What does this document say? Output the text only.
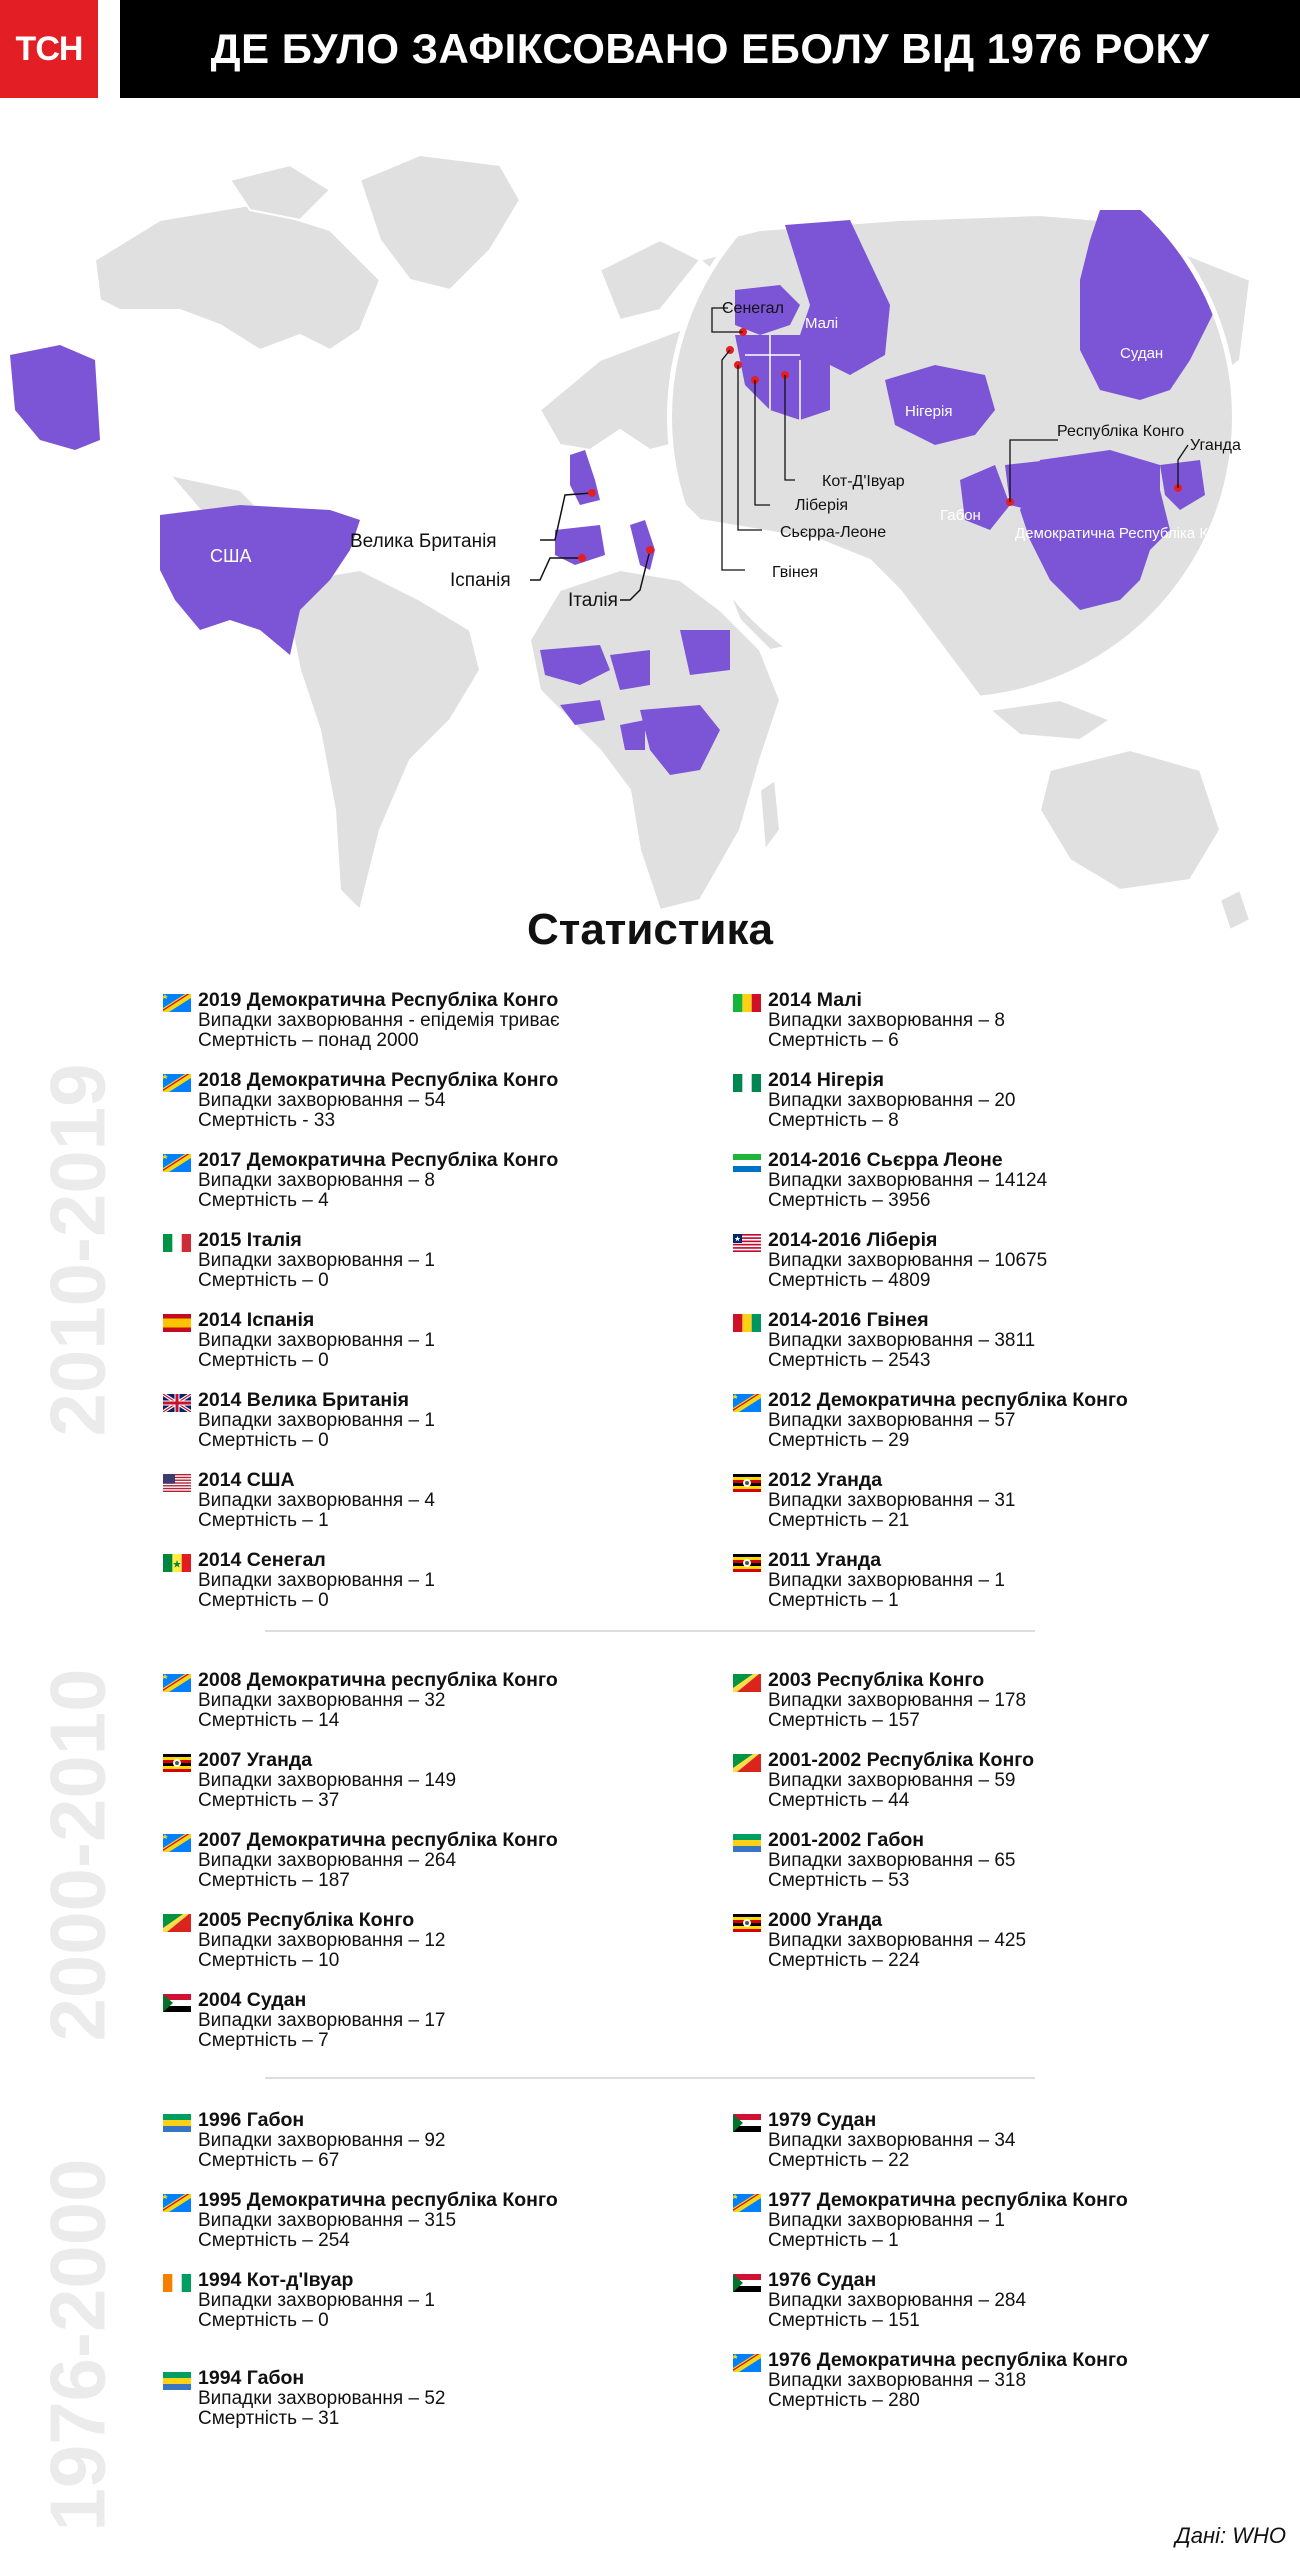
ТСН	ДЕ БУЛО ЗАФІКСОВАНО ЕБОЛУ ВІД 1976 РОКУ
США
Велика Британія
Іспанія
Італія
Сенегал
Малі
Судан
Нігерія
Республіка Конго
Уганда
Кот-Д'Івуар
Ліберія
Сьєрра-Леоне
Гвінея
Габон
Демократична Республіка Конго
Статистика
2010-2019
2019 Демократична Республіка Конго
Випадки захворювання - епідемія триває
Смертність – понад 2000
2018 Демократична Республіка Конго
Випадки захворювання – 54
Смертність - 33
2017 Демократична Республіка Конго
Випадки захворювання – 8
Смертність – 4
2015 Італія
Випадки захворювання – 1
Смертність – 0
2014 Іспанія
Випадки захворювання – 1
Смертність – 0
2014 Велика Британія
Випадки захворювання – 1
Смертність – 0
2014 США
Випадки захворювання – 4
Смертність – 1
2014 Сенегал
Випадки захворювання – 1
Смертність – 0
2014 Малі
Випадки захворювання – 8
Смертність – 6
2014 Нігерія
Випадки захворювання – 20
Смертність – 8
2014-2016 Сьєрра Леоне
Випадки захворювання – 14124
Смертність – 3956
2014-2016 Ліберія
Випадки захворювання – 10675
Смертність – 4809
2014-2016 Гвінея
Випадки захворювання – 3811
Смертність – 2543
2012 Демократична республіка Конго
Випадки захворювання – 57
Смертність – 29
2012 Уганда
Випадки захворювання – 31
Смертність – 21
2011 Уганда
Випадки захворювання – 1
Смертність – 1
2000-2010	2008 Демократична республіка Конго
Випадки захворювання – 32
Смертність – 14
2007 Уганда
Випадки захворювання – 149
Смертність – 37
2007 Демократична республіка Конго
Випадки захворювання – 264
Смертність – 187
2005 Республіка Конго
Випадки захворювання – 12
Смертність – 10
2004 Судан
Випадки захворювання – 17
Смертність – 7
2003 Республіка Конго
Випадки захворювання – 178
Смертність – 157
2001-2002 Республіка Конго
Випадки захворювання – 59
Смертність – 44
2001-2002 Габон
Випадки захворювання – 65
Смертність – 53
2000 Уганда
Випадки захворювання – 425
Смертність – 224
1976-2000
1996 Габон
Випадки захворювання – 92
Смертність – 67
1995 Демократична республіка Конго
Випадки захворювання – 315
Смертність – 254
1994 Кот-д'Івуар
Випадки захворювання – 1
Смертність – 0
1994 Габон
Випадки захворювання – 52
Смертність – 31
1979 Судан
Випадки захворювання – 34
Смертність – 22
1977 Демократична республіка Конго
Випадки захворювання – 1
Смертність – 1
1976 Судан
Випадки захворювання – 284
Смертність – 151
1976 Демократична республіка Конго
Випадки захворювання – 318
Смертність – 280
Дані: WHO
